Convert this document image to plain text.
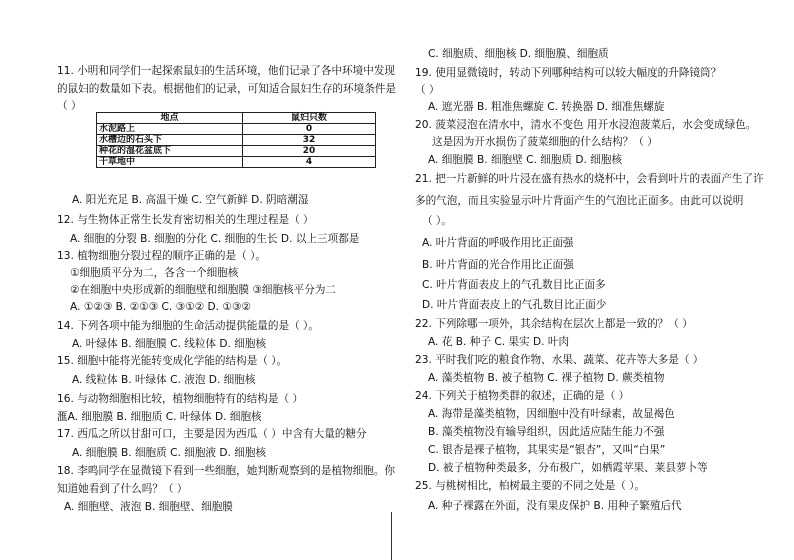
11. 小明和同学们一起探索鼠妇的生活环境，他们记录了各中环境中发现
的鼠妇的数量如下表。根据他们的记录，可知适合鼠妇生存的环境条件是
（ ）
地点	鼠妇只数
水泥路上	0
水槽边的石头下	32
种花的湿花盆底下	20
干草地中	4
A. 阳光充足 B. 高温干燥 C. 空气新鲜 D. 阴暗潮湿
12. 与生物体正常生长发育密切相关的生理过程是（ ）
A. 细胞的分裂 B. 细胞的分化 C. 细胞的生长 D. 以上三项都是
13. 植物细胞分裂过程的顺序正确的是（ ）。
①细胞质平分为二，各含一个细胞核
②在细胞中央形成新的细胞壁和细胞膜 ③细胞核平分为二
A. ①②③ B. ②①③ C. ③①② D. ①③②
14. 下列各项中能为细胞的生命活动提供能量的是（ ）。
A. 叶绿体 B. 细胞膜 C. 线粒体 D. 细胞核
15. 细胞中能将光能转变成化学能的结构是（ ）。
A. 线粒体 B. 叶绿体 C. 液泡 D. 细胞核
16. 与动物细胞相比较，植物细胞特有的结构是（ ）
滙A. 细胞膜 B. 细胞质 C. 叶绿体 D. 细胞核
17. 西瓜之所以甘甜可口，主要是因为西瓜（ ）中含有大量的糖分
A. 细胞膜 B. 细胞质 C. 细胞液 D. 细胞核
18. 李鸣同学在显微镜下看到一些细胞，她判断观察到的是植物细胞。你
知道她看到了什么吗？（ ）
A. 细胞壁、液泡 B. 细胞壁、细胞膜
C. 细胞质、细胞核 D. 细胞膜、细胞质
19. 使用显微镜时，转动下列哪种结构可以较大幅度的升降镜筒？
（ ）
A. 遮光器 B. 粗准焦螺旋 C. 转换器 D. 细准焦螺旋
20. 菠菜浸泡在清水中，清水不变色 用开水浸泡菠菜后，水会变成绿色。
这是因为开水损伤了菠菜细胞的什么结构？（ ）
A. 细胞膜 B. 细胞壁 C. 细胞质 D. 细胞核
21. 把一片新鲜的叶片浸在盛有热水的烧杯中，会看到叶片的表面产生了许
多的气泡，而且实验显示叶片背面产生的气泡比正面多。由此可以说明
（ ）。
A. 叶片背面的呼吸作用比正面强
B. 叶片背面的光合作用比正面强
C. 叶片背面表皮上的气孔数目比正面多
D. 叶片背面表皮上的气孔数目比正面少
22. 下列除哪一项外，其余结构在层次上都是一致的？（ ）
A. 花 B. 种子 C. 果实 D. 叶肉
23. 平时我们吃的粮食作物、水果、蔬菜、花卉等大多是（ ）
A. 藻类植物 B. 被子植物 C. 裸子植物 D. 蕨类植物
24. 下列关于植物类群的叙述，正确的是（ ）
A. 海带是藻类植物，因细胞中没有叶绿素，故显褐色
B. 藻类植物没有输导组织，因此适应陆生能力不强
C. 银杏是裸子植物，其果实是“银杏”，又叫“白果”
D. 被子植物种类最多，分布极广，如栖霞苹果、莱县萝卜等
25. 与桃树相比，柏树最主要的不同之处是（ ）。
A. 种子裸露在外面，没有果皮保护 B. 用种子繁殖后代
